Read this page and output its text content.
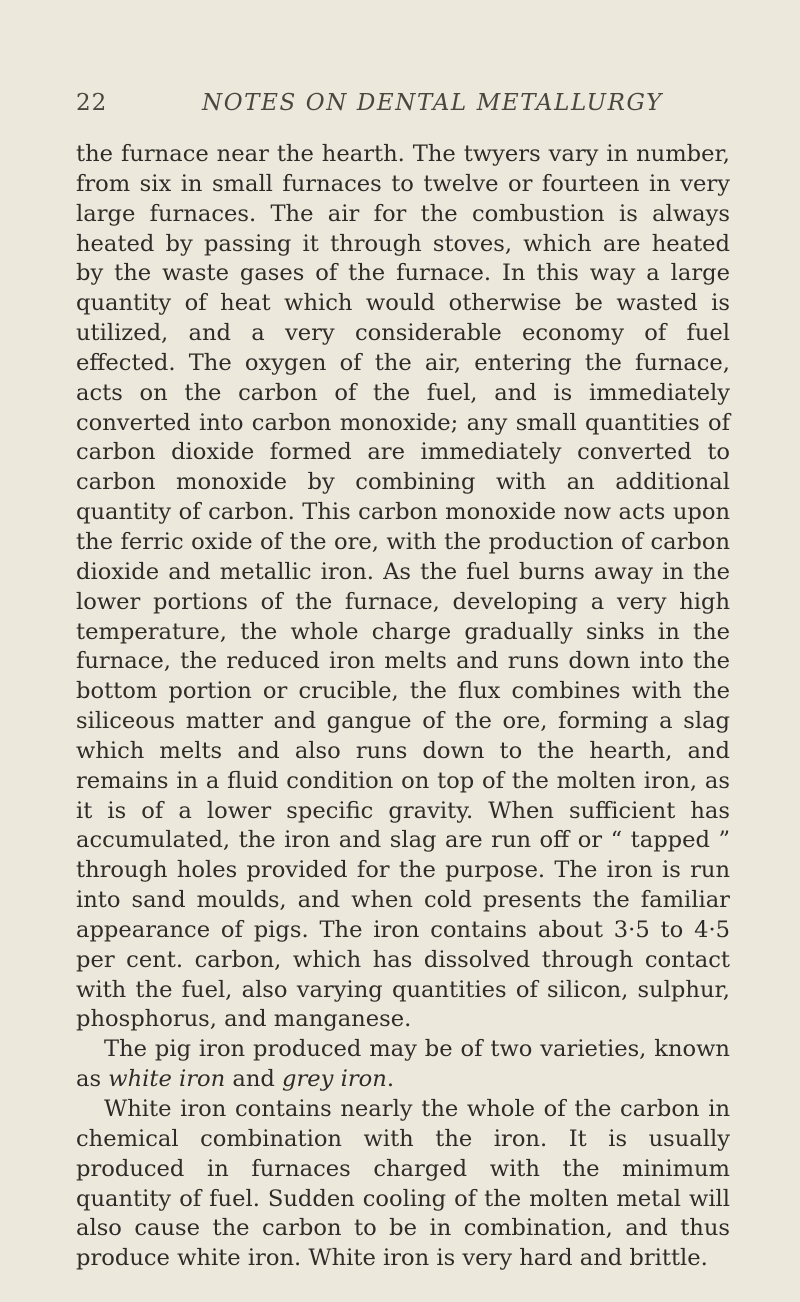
22	NOTES ON DENTAL METALLURGY

the furnace near the hearth. The twyers vary in number, from six in small furnaces to twelve or fourteen in very large furnaces. The air for the combustion is always heated by passing it through stoves, which are heated by the waste gases of the furnace. In this way a large quantity of heat which would otherwise be wasted is utilized, and a very considerable economy of fuel effected. The oxygen of the air, entering the furnace, acts on the carbon of the fuel, and is immediately converted into carbon monoxide; any small quantities of carbon dioxide formed are immediately converted to carbon monoxide by combining with an additional quantity of carbon. This carbon monoxide now acts upon the ferric oxide of the ore, with the production of carbon dioxide and metallic iron. As the fuel burns away in the lower portions of the furnace, developing a very high temperature, the whole charge gradually sinks in the furnace, the reduced iron melts and runs down into the bottom portion or crucible, the flux combines with the siliceous matter and gangue of the ore, forming a slag which melts and also runs down to the hearth, and remains in a fluid condition on top of the molten iron, as it is of a lower specific gravity. When sufficient has accumulated, the iron and slag are run off or “ tapped ” through holes provided for the purpose. The iron is run into sand moulds, and when cold presents the familiar appearance of pigs. The iron contains about 3·5 to 4·5 per cent. carbon, which has dissolved through contact with the fuel, also varying quantities of silicon, sulphur, phosphorus, and manganese.

The pig iron produced may be of two varieties, known as white iron and grey iron.

White iron contains nearly the whole of the carbon in chemical combination with the iron. It is usually produced in furnaces charged with the minimum quantity of fuel. Sudden cooling of the molten metal will also cause the carbon to be in combination, and thus produce white iron. White iron is very hard and brittle.
